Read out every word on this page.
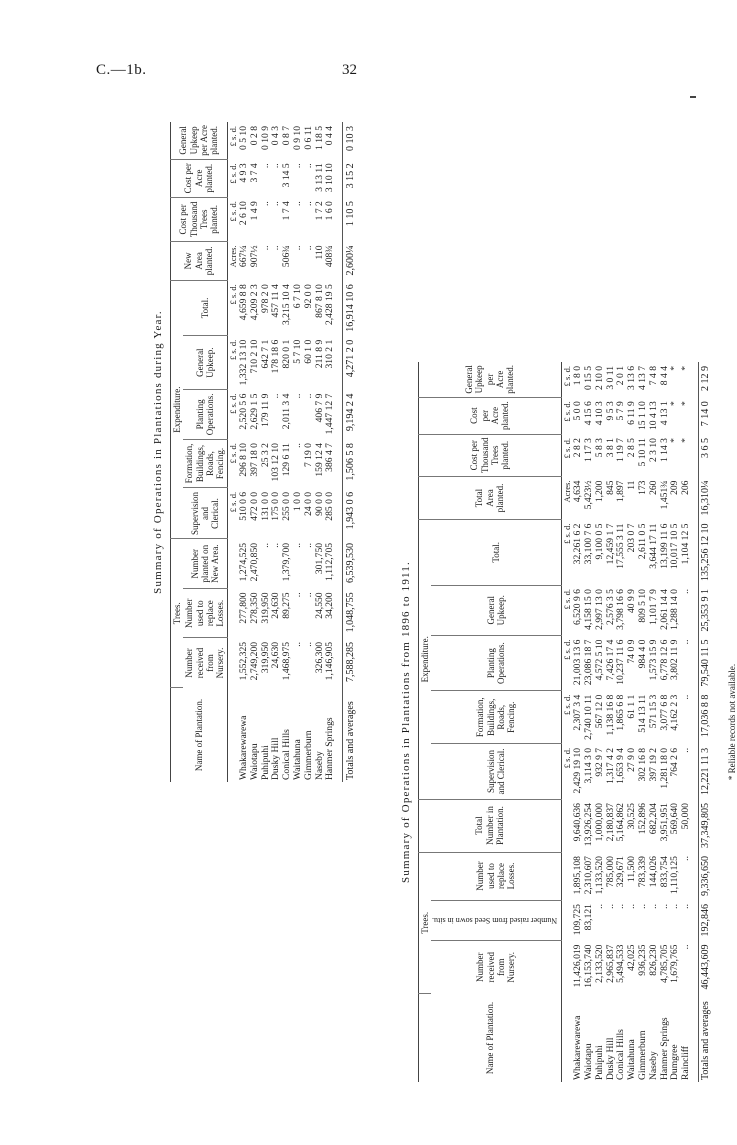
C.—1b.	32
Summary of Operations in Plantations during Year.
Name of Plantation.	Trees.			Expenditure.					New Area planted.	Cost per Thousand Trees planted.	Cost per Acre planted.	General Upkeep per Acre planted.
	Number received from Nursery.	Number used to replace Losses.	Number planted on New Area.	Supervision and Clerical.	Formation, Buildings, Roads, Fencing.	Planting Operations.	General Upkeep.	Total.				
				£ s. d.	£ s. d.	£ s. d.	£ s. d.	£ s. d.	Acres.	£ s. d.	£ s. d.	£ s. d.
Whakarewarewa	1,552,325	277,800	1,274,525	510 0 6	296 8 10	2,520 5 6	1,332 13 10	4,659 8 8	667¼	2 6 10	4 9 3	0 5 10
Waiotapu	2,749,200	278,350	2,470,850	472 0 0	397 18 0	2,629 1 5	710 2 10	4,209 2 3	907½	1 4 9	3 7 4	0 2 8
Puhipuhi	319,950	319,950	..	131 0 0	25 3 2	179 11 9	642 7 1	978 2 0	..	..	..	0 10 9
Dusky Hill	24,630	24,630	..	175 0 0	103 12 10	..	178 18 6	457 11 4	..	..	..	0 4 3
Conical Hills	1,468,975	89,275	1,379,700	255 0 0	129 6 11	2,011 3 4	820 0 1	3,215 10 4	506¾	1 7 4	3 14 5	0 8 7
Waitahuna	..	..	..	1 0 0	..	..	5 7 10	6 7 10	..	..	..	0 9 10
Gimmerburn	..	..	..	24 0 0	7 19 0	..	60 1 0	92 0 0	..	..	..	0 6 11
Naseby	326,300	24,550	301,750	90 0 0	159 12 4	406 7 9	211 8 9	867 8 10	110	1 7 2	3 13 11	1 18 5
Hanmer Springs	1,146,905	34,200	1,112,705	285 0 0	386 4 7	1,447 12 7	310 2 1	2,428 19 5	408¾	1 6 0	3 10 10	0 4 4

Totals and averages	7,588,285	1,048,755	6,539,530	1,943 0 6	1,506 5 8	9,194 2 4	4,271 2 0	16,914 10 6	2,600¼	1 10 5	3 15 2	0 10 3
Summary of Operations in Plantations from 1896 to 1911.
Name of Plantation.	Trees.			Total Number in Plantation.	Expenditure.					Total Area planted.	Cost per Thousand Trees planted.	Cost per Acre planted.	General Upkeep per Acre planted.
	Number received from Nursery.	Number raised from Seed sown in situ.	Number used to replace Losses.		Supervision and Clerical.	Formation, Buildings, Roads, Fencing.	Planting Operations.	General Upkeep.	Total.				
					£ s. d.	£ s. d.	£ s. d.	£ s. d.	£ s. d.	Acres.	£ s. d.	£ s. d.	£ s. d.
Whakarewarewa	11,426,019	109,725	1,895,108	9,640,636	2,429 19 10	2,307 3 4	21,003 13 6	6,520 9 6	32,261 6 2	4,634	2 8 2	5 0 0	1 8 0
Waiotapu	16,153,740	83,121	2,310,607	13,926,254	3,114 3 0	2,740 10 11	23,086 18 7	4,158 15 0	33,100 7 6	5,423½	1 17 3	4 15 6	0 15 5
Puhipuhi	2,133,520	..	1,133,520	1,000,000	932 9 7	567 12 0	4,572 5 10	2,997 13 0	9,100 0 5	1,200	5 8 3	4 10 3	2 10 0
Dusky Hill	2,965,837	..	785,000	2,180,837	1,317 4 2	1,138 16 8	7,426 17 4	2,576 3 5	12,459 1 7	845	3 8 1	9 5 3	3 0 11
Conical Hills	5,494,533	..	329,671	5,164,862	1,653 9 4	1,865 6 8	10,237 11 6	3,798 16 6	17,555 3 11	1,897	1 19 7	5 7 9	2 0 1
Waitahuna	42,025	..	11,500	30,525	27 9 0	61 1 1	74 0 9	40 9 9	203 0 7	11	2 8 5	6 11 9	3 13 6
Gimmerburn	936,235	..	783,339	152,896	302 16 8	514 13 11	984 4 0	809 5 10	2,611 0 5	173	5 10 11	15 1 10	4 13 7
Naseby	826,230	..	144,026	682,204	397 19 2	571 15 3	1,573 15 9	1,101 7 9	3,644 17 11	260	2 3 10	10 4 13	7 4 8
Hanmer Springs	4,785,705	..	833,754	3,951,951	1,281 18 0	3,077 6 8	6,778 12 6	2,061 14 4	13,199 11 6	1,451¾	1 14 3	4 13 1	8 4 4
Dumgree	1,679,765	..	1,110,125	569,640	764 2 6	4,162 2 3	3,802 11 9	1,288 14 0	10,017 10 5	209	*	*	*
Raincliff	..	..	..	50,000	..	..	..	..	1,104 12 5	206	*	*	*

Totals and averages	46,443,609	192,846	9,336,650	37,349,805	12,221 11 3	17,036 8 8	79,540 11 5	25,353 9 1	135,256 12 10	16,310¼	3 6 5	7 14 0	2 12 9
* Reliable records not available.
